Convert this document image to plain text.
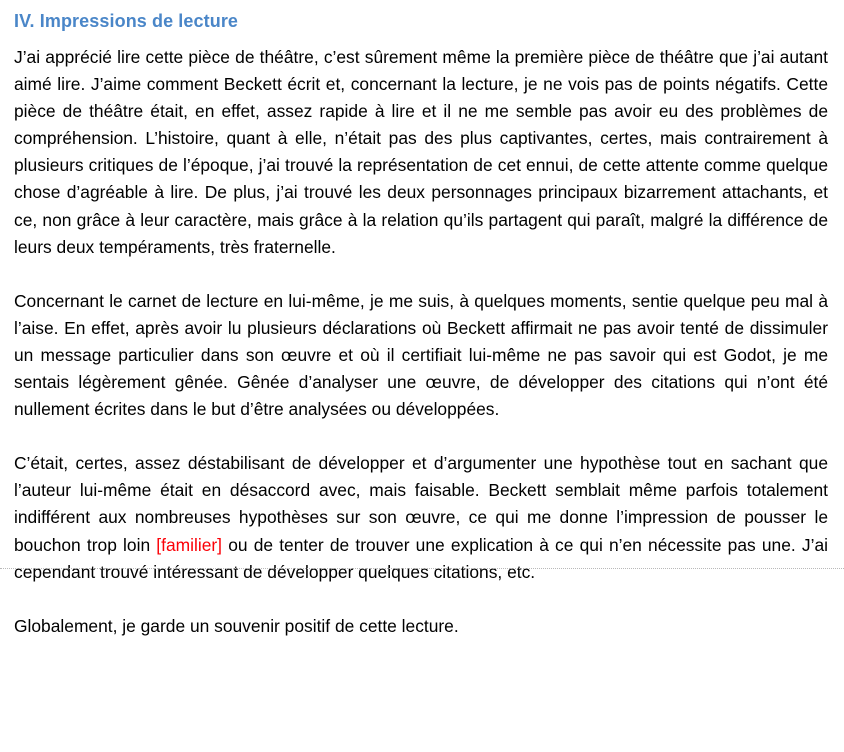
IV. Impressions de lecture

J’ai apprécié lire cette pièce de théâtre, c’est sûrement même la première pièce de théâtre que j’ai autant aimé lire. J’aime comment Beckett écrit et, concernant la lecture, je ne vois pas de points négatifs. Cette pièce de théâtre était, en effet, assez rapide à lire et il ne me semble pas avoir eu des problèmes de compréhension. L’histoire, quant à elle, n’était pas des plus captivantes, certes, mais contrairement à plusieurs critiques de l’époque, j’ai trouvé la représentation de cet ennui, de cette attente comme quelque chose d’agréable à lire. De plus, j’ai trouvé les deux personnages principaux bizarrement attachants, et ce, non grâce à leur caractère, mais grâce à la relation qu’ils partagent qui paraît, malgré la différence de leurs deux tempéraments, très fraternelle.

Concernant le carnet de lecture en lui-même, je me suis, à quelques moments, sentie quelque peu mal à l’aise. En effet, après avoir lu plusieurs déclarations où Beckett affirmait ne pas avoir tenté de dissimuler un message particulier dans son œuvre et où il certifiait lui-même ne pas savoir qui est Godot, je me sentais légèrement gênée. Gênée d’analyser une œuvre, de développer des citations qui n’ont été nullement écrites dans le but d’être analysées ou développées.

C’était, certes, assez déstabilisant de développer et d’argumenter une hypothèse tout en sachant que l’auteur lui-même était en désaccord avec, mais faisable. Beckett semblait même parfois totalement indifférent aux nombreuses hypothèses sur son œuvre, ce qui me donne l’impression de pousser le bouchon trop loin [familier] ou de tenter de trouver une explication à ce qui n’en nécessite pas une. J’ai cependant trouvé intéressant de développer quelques citations, etc.

Globalement, je garde un souvenir positif de cette lecture.
